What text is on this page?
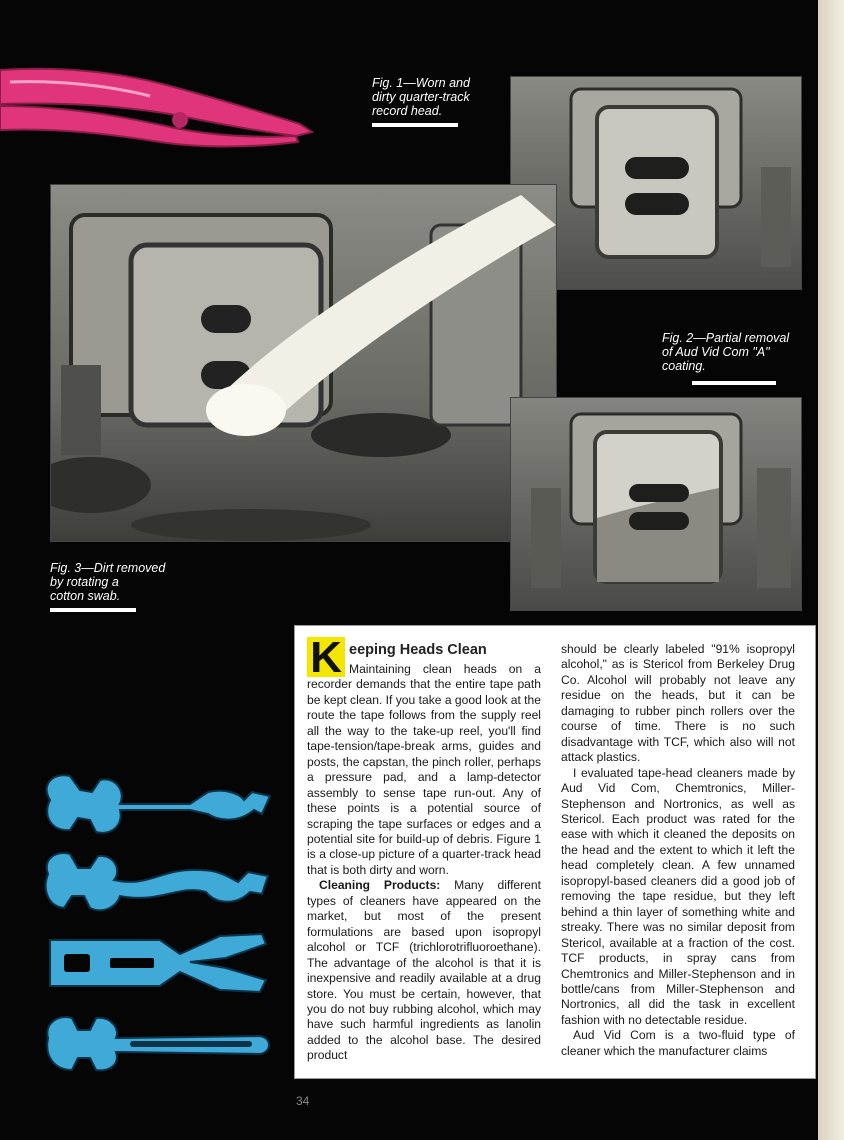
Fig. 1—Worn and
dirty quarter-track
record head.
Fig. 2—Partial removal
of Aud Vid Com "A"
coating.
Fig. 3—Dirt removed
by rotating a
cotton swab.

K eeping Heads Clean
Maintaining clean heads on a recorder demands that the entire tape path be kept clean. If you take a good look at the route the tape follows from the supply reel all the way to the take-up reel, you'll find tape-tension/tape-break arms, guides and posts, the capstan, the pinch roller, perhaps a pressure pad, and a lamp-detector assembly to sense tape run-out. Any of these points is a potential source of scraping the tape surfaces or edges and a potential site for build-up of debris. Figure 1 is a close-up picture of a quarter-track head that is both dirty and worn.

Cleaning Products: Many different types of cleaners have appeared on the market, but most of the present formulations are based upon isopropyl alcohol or TCF (trichlorotrifluoroethane). The advantage of the alcohol is that it is inexpensive and readily available at a drug store. You must be certain, however, that you do not buy rubbing alcohol, which may have such harmful ingredients as lanolin added to the alcohol base. The desired product

should be clearly labeled "91% isopropyl alcohol," as is Stericol from Berkeley Drug Co. Alcohol will probably not leave any residue on the heads, but it can be damaging to rubber pinch rollers over the course of time. There is no such disadvantage with TCF, which also will not attack plastics.

I evaluated tape-head cleaners made by Aud Vid Com, Chemtronics, Miller-Stephenson and Nortronics, as well as Stericol. Each product was rated for the ease with which it cleaned the deposits on the head and the extent to which it left the head completely clean. A few unnamed isopropyl-based cleaners did a good job of removing the tape residue, but they left behind a thin layer of something white and streaky. There was no similar deposit from Stericol, available at a fraction of the cost. TCF products, in spray cans from Chemtronics and Miller-Stephenson and in bottle/cans from Miller-Stephenson and Nortronics, all did the task in excellent fashion with no detectable residue.

Aud Vid Com is a two-fluid type of cleaner which the manufacturer claims

34
